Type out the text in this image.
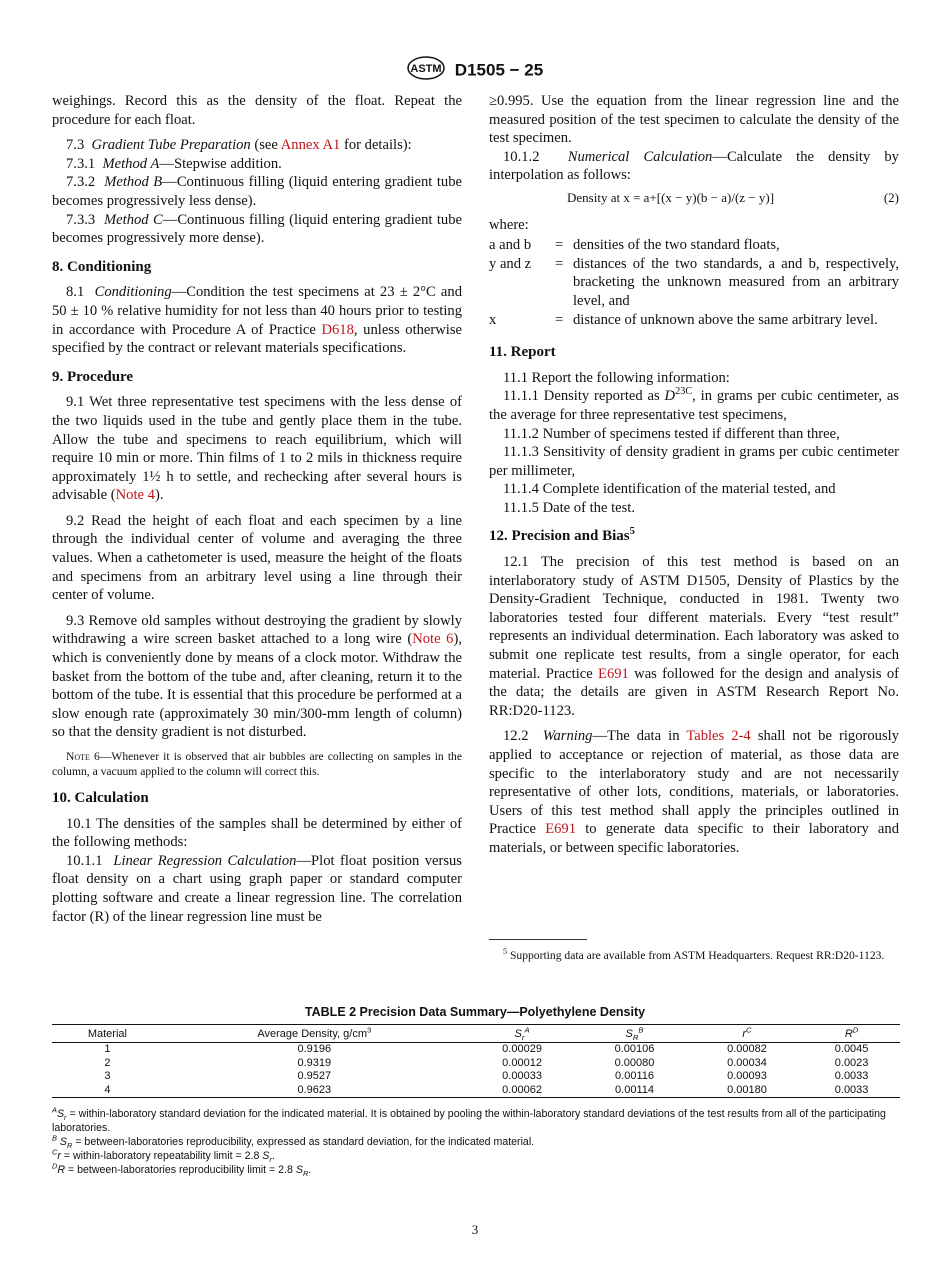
ASTM D1505 − 25

weighings. Record this as the density of the float. Repeat the procedure for each float.

7.3 Gradient Tube Preparation (see Annex A1 for details):

7.3.1 Method A—Stepwise addition.

7.3.2 Method B—Continuous filling (liquid entering gradient tube becomes progressively less dense).

7.3.3 Method C—Continuous filling (liquid entering gradient tube becomes progressively more dense).

8. Conditioning

8.1 Conditioning—Condition the test specimens at 23 ± 2°C and 50 ± 10 % relative humidity for not less than 40 hours prior to testing in accordance with Procedure A of Practice D618, unless otherwise specified by the contract or relevant materials specifications.

9. Procedure

9.1 Wet three representative test specimens with the less dense of the two liquids used in the tube and gently place them in the tube. Allow the tube and specimens to reach equilibrium, which will require 10 min or more. Thin films of 1 to 2 mils in thickness require approximately 1½ h to settle, and rechecking after several hours is advisable (Note 4).

9.2 Read the height of each float and each specimen by a line through the individual center of volume and averaging the three values. When a cathetometer is used, measure the height of the floats and specimens from an arbitrary level using a line through their center of volume.

9.3 Remove old samples without destroying the gradient by slowly withdrawing a wire screen basket attached to a long wire (Note 6), which is conveniently done by means of a clock motor. Withdraw the basket from the bottom of the tube and, after cleaning, return it to the bottom of the tube. It is essential that this procedure be performed at a slow enough rate (approximately 30 min/300-mm length of column) so that the density gradient is not disturbed.

Note 6—Whenever it is observed that air bubbles are collecting on samples in the column, a vacuum applied to the column will correct this.
10. Calculation

10.1 The densities of the samples shall be determined by either of the following methods:

10.1.1 Linear Regression Calculation—Plot float position versus float density on a chart using graph paper or standard computer plotting software and create a linear regression line. The correlation factor (R) of the linear regression line must be

≥0.995. Use the equation from the linear regression line and the measured position of the test specimen to calculate the density of the test specimen.

10.1.2 Numerical Calculation—Calculate the density by interpolation as follows:

Density at x = a+[(x − y)(b − a)/(z − y)]	(2)
where:
a and b	= densities of the two standard floats,
y and z	= distances of the two standards, a and b, respectively, bracketing the unknown measured from an arbitrary level, and
x	= distance of unknown above the same arbitrary level.
11. Report

11.1 Report the following information:

11.1.1 Density reported as $D^{23C}$, in grams per cubic centimeter, as the average for three representative test specimens,

11.1.2 Number of specimens tested if different than three,

11.1.3 Sensitivity of density gradient in grams per cubic centimeter per millimeter,

11.1.4 Complete identification of the material tested, and

11.1.5 Date of the test.

12. Precision and Bias$^5$

12.1 The precision of this test method is based on an interlaboratory study of ASTM D1505, Density of Plastics by the Density-Gradient Technique, conducted in 1981. Twenty two laboratories tested four different materials. Every “test result” represents an individual determination. Each laboratory was asked to submit one replicate test results, from a single operator, for each material. Practice E691 was followed for the design and analysis of the data; the details are given in ASTM Research Report No. RR:D20-1123.

12.2 Warning—The data in Tables 2-4 shall not be rigorously applied to acceptance or rejection of material, as those data are specific to the interlaboratory study and are not necessarily representative of other lots, conditions, materials, or laboratories. Users of this test method shall apply the principles outlined in Practice E691 to generate data specific to their laboratory and materials, or between specific laboratories.

$^5$ Supporting data are available from ASTM Headquarters. Request RR:D20-1123.
TABLE 2 Precision Data Summary—Polyethylene Density
Material	Average Density, $g/cm^3$	$S_r^A$	$S_R^B$	$r^C$	$R^D$
1	0.9196	0.00029	0.00106	0.00082	0.0045
2	0.9319	0.00012	0.00080	0.00034	0.0023
3	0.9527	0.00033	0.00116	0.00093	0.0033
4	0.9623	0.00062	0.00114	0.00180	0.0033
$^AS_r$ = within-laboratory standard deviation for the indicated material. It is obtained by pooling the within-laboratory standard deviations of the test results from all of the participating laboratories.
$^B$ $S_R$ = between-laboratories reproducibility, expressed as standard deviation, for the indicated material.
$^C$r = within-laboratory repeatability limit = 2.8 $S_r$.
$^D$R = between-laboratories reproducibility limit = 2.8 $S_R$.
3
